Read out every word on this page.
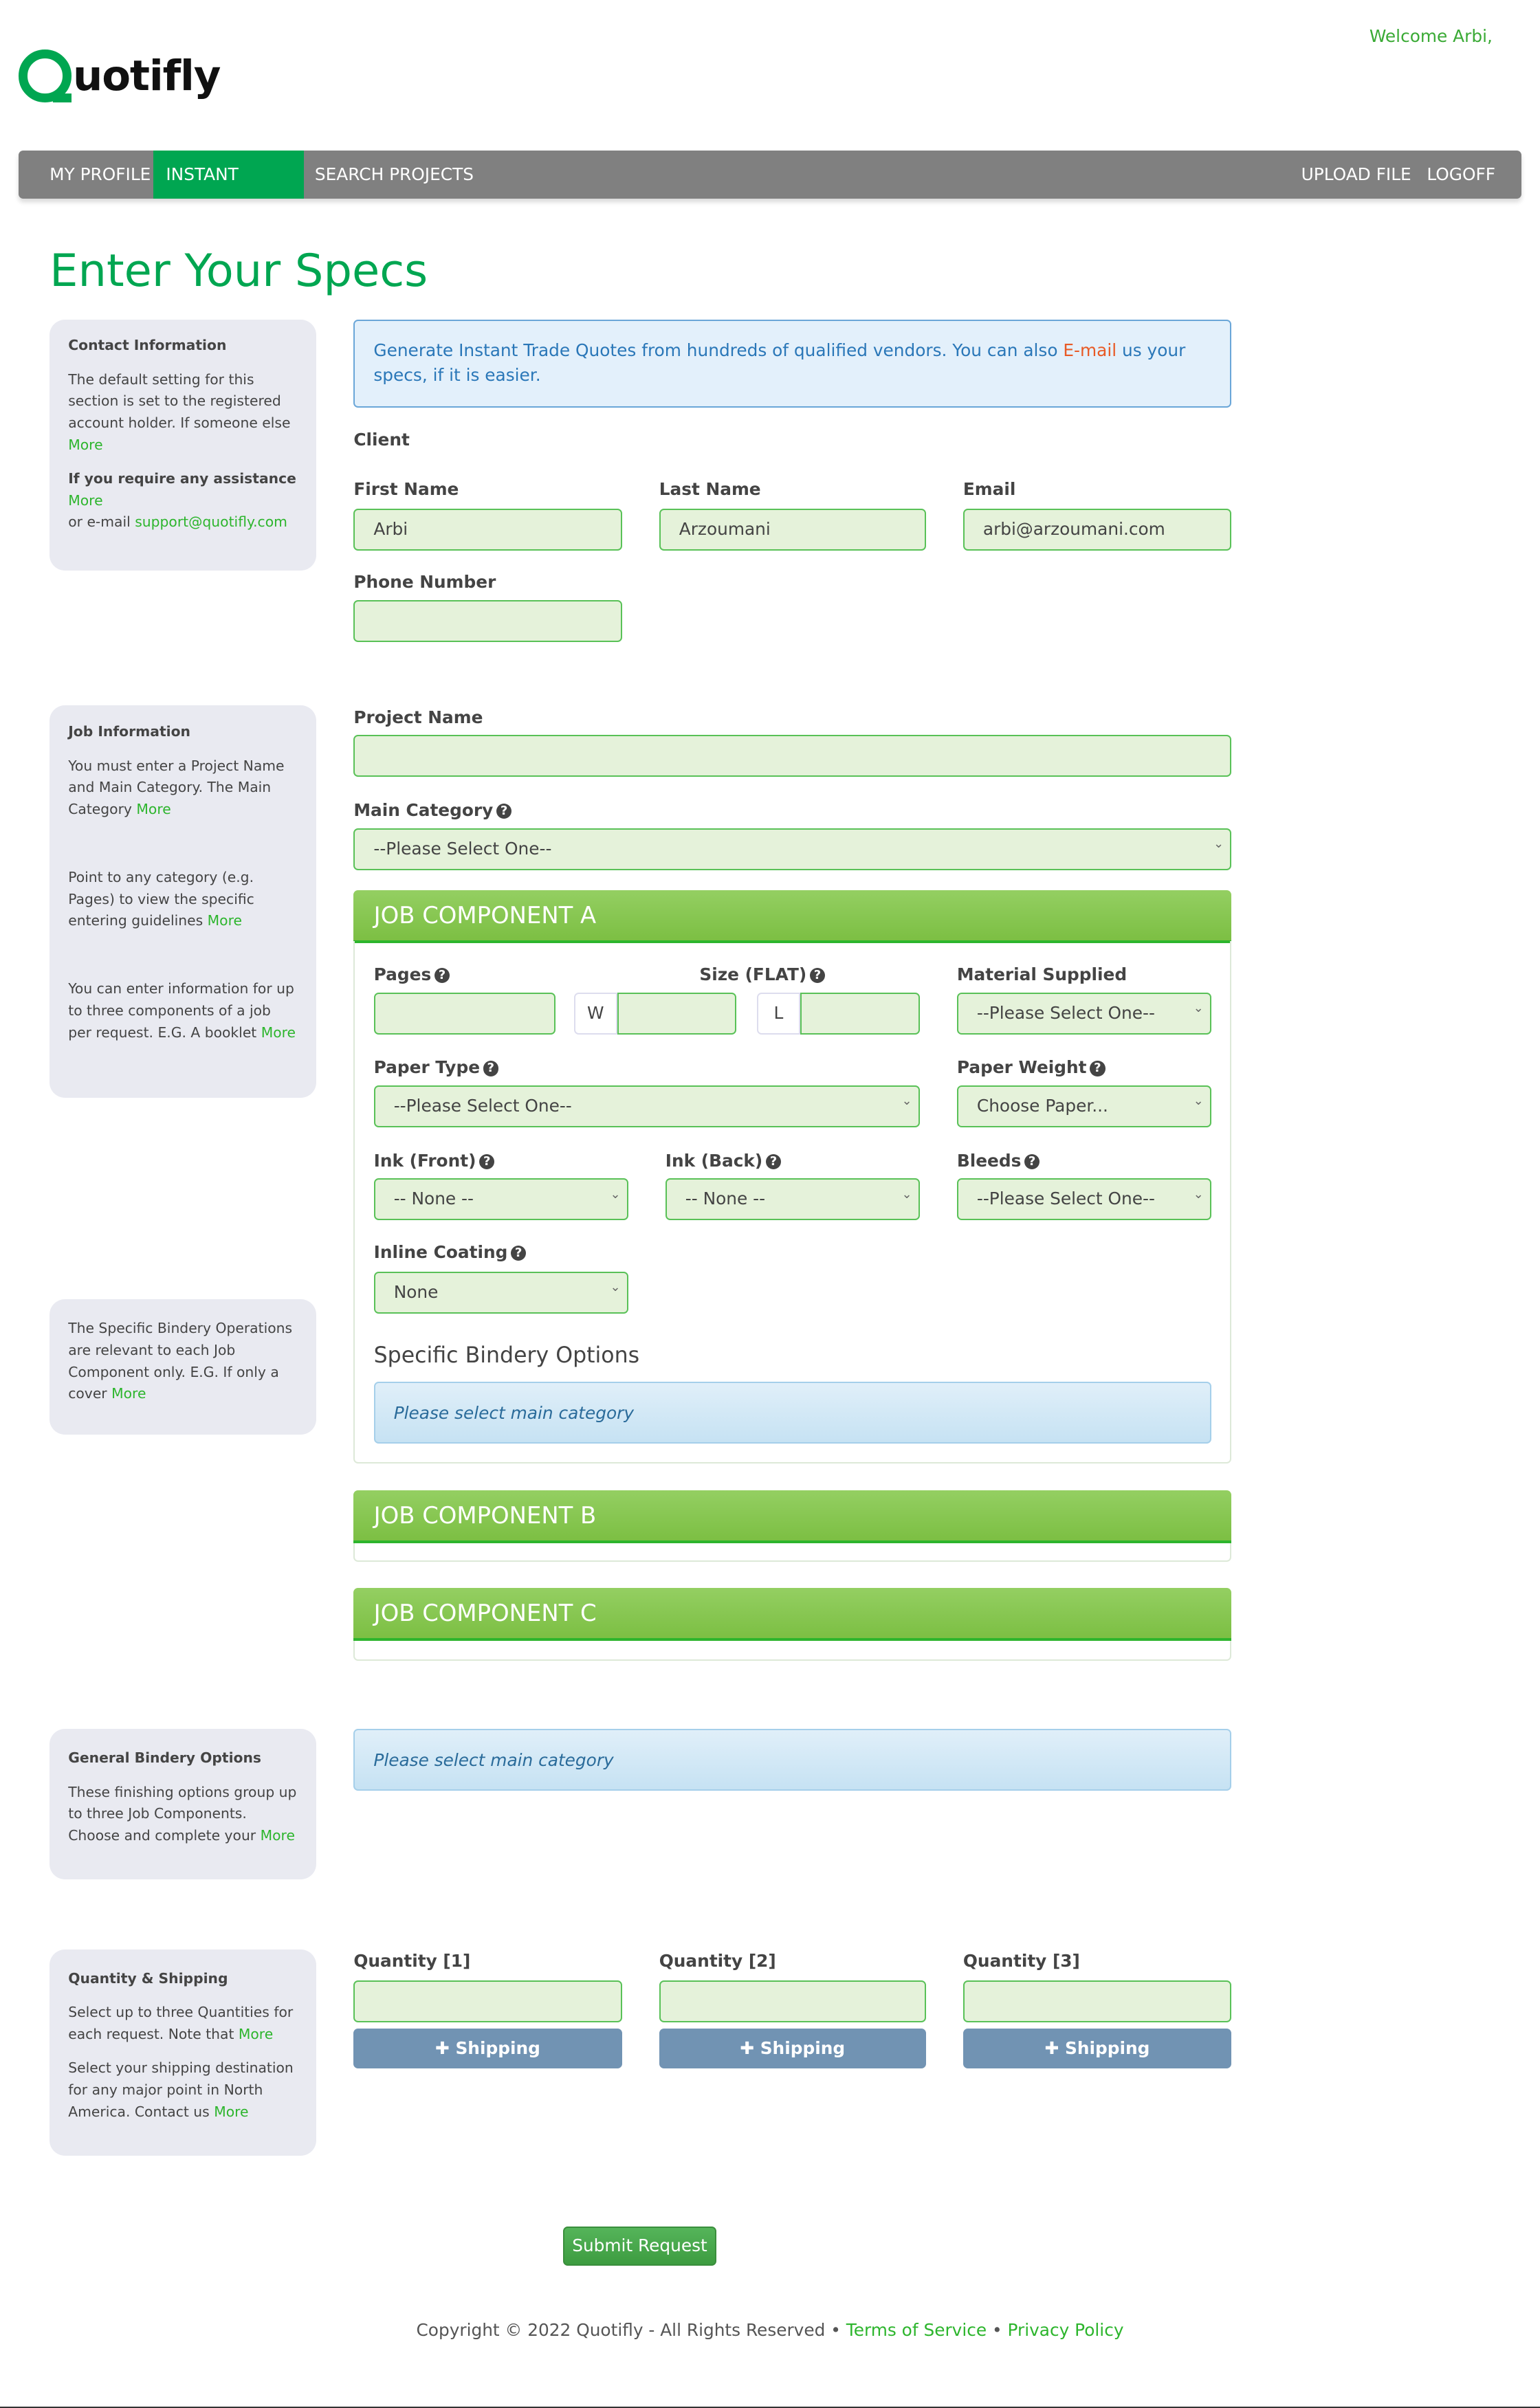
Welcome Arbi,
uotifly
MY PROFILE	INSTANT QUOTE
SEARCH PROJECTS	UPLOAD FILE	LOGOFF
Enter Your Specs
Contact Information

The default setting for this section is set to the registered account holder. If someone else
More

If you require any assistance
More
or e-mail support@quotifly.com

Job Information

You must enter a Project Name and Main Category. The Main Category More

Point to any category (e.g. Pages) to view the specific entering guidelines More

You can enter information for up to three components of a job per request. E.G. A booklet More

The Specific Bindery Operations are relevant to each Job Component only. E.G. If only a cover More

General Bindery Options

These finishing options group up to three Job Components. Choose and complete your More

Quantity & Shipping

Select up to three Quantities for each request. Note that More

Select your shipping destination for any major point in North America. Contact us More

Generate Instant Trade Quotes from hundreds of qualified vendors. You can also E-mail us your specs, if it is easier.
Client
First Name	Last Name	Email
Arbi	Arzoumani	arbi@arzoumani.com
Phone Number
Project Name
Main Category ?
--Please Select One-- ⌄
JOB COMPONENT A
Pages ?	Size (FLAT) ?	Material Supplied
W	L	--Please Select One-- ⌄
Paper Type ?	Paper Weight ?
--Please Select One-- ⌄	Choose Paper... ⌄
Ink (Front) ?	Ink (Back) ?	Bleeds ?
-- None -- ⌄	-- None -- ⌄	--Please Select One-- ⌄
Inline Coating ?
None ⌄
Specific Bindery Options
Please select main category
JOB COMPONENT B
JOB COMPONENT C
Please select main category
Quantity [1]	Quantity [2]	Quantity [3]
✚ Shipping	✚ Shipping	✚ Shipping
Submit Request
Copyright © 2022 Quotifly - All Rights Reserved • Terms of Service • Privacy Policy
